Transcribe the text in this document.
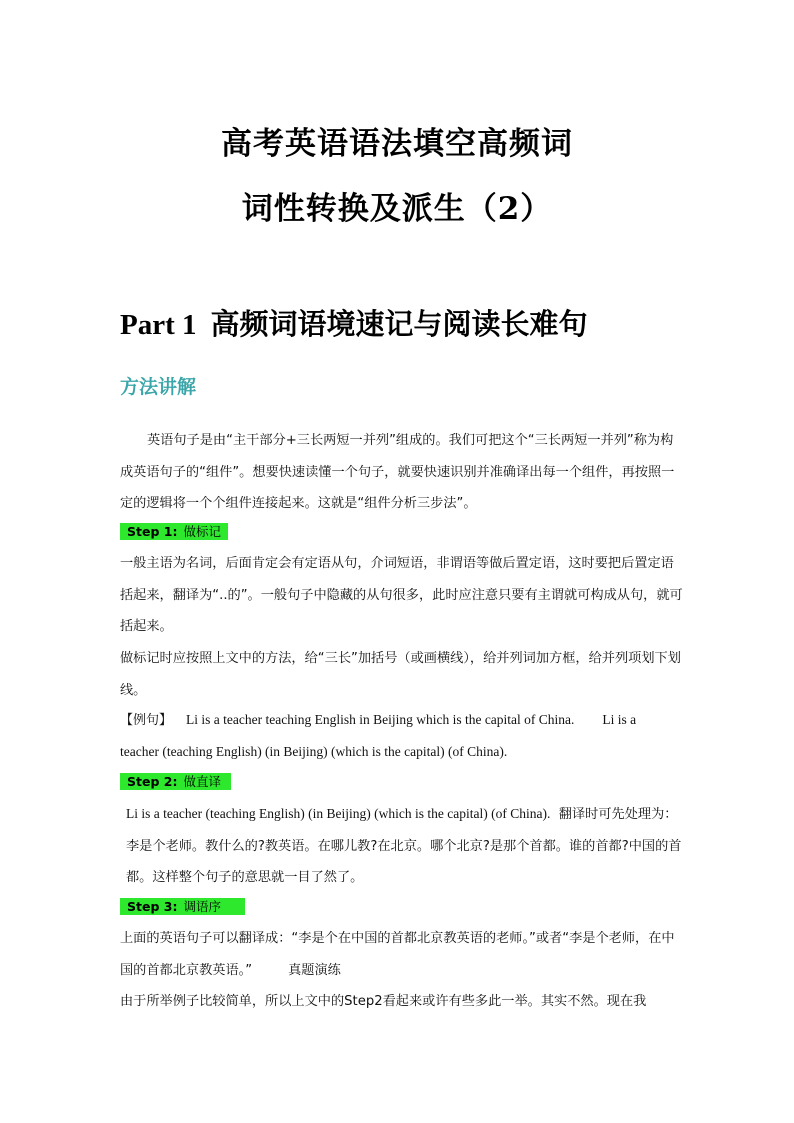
高考英语语法填空高频词
词性转换及派生（2）
Part 1 高频词语境速记与阅读长难句
方法讲解

英语句子是由“主干部分+三长两短一并列”组成的。我们可把这个“三长两短一并列”称为构成英语句子的“组件”。想要快速读懂一个句子，就要快速识别并准确译出每一个组件，再按照一定的逻辑将一个个组件连接起来。这就是“组件分析三步法”。

Step 1: 做标记

一般主语为名词，后面肯定会有定语从句，介词短语，非谓语等做后置定语，这时要把后置定语括起来，翻译为“..的”。一般句子中隐藏的从句很多，此时应注意只要有主谓就可构成从句，就可括起来。

做标记时应按照上文中的方法，给“三长”加括号（或画横线），给并列词加方框，给并列项划下划线。

【例句】 Li is a teacher teaching English in Beijing which is the capital of China. Li is a
teacher (teaching English) (in Beijing) (which is the capital) (of China).
Step 2: 做直译

Li is a teacher (teaching English) (in Beijing) (which is the capital) (of China). 翻译时可先处理为：李是个老师。教什么的?教英语。在哪儿教?在北京。哪个北京?是那个首都。谁的首都?中国的首都。这样整个句子的意思就一目了然了。

Step 3: 调语序

上面的英语句子可以翻译成：“李是个在中国的首都北京教英语的老师。”或者“李是个老师，在中国的首都北京教英语。”	真题演练

由于所举例子比较简单，所以上文中的Step2看起来或许有些多此一举。其实不然。现在我
